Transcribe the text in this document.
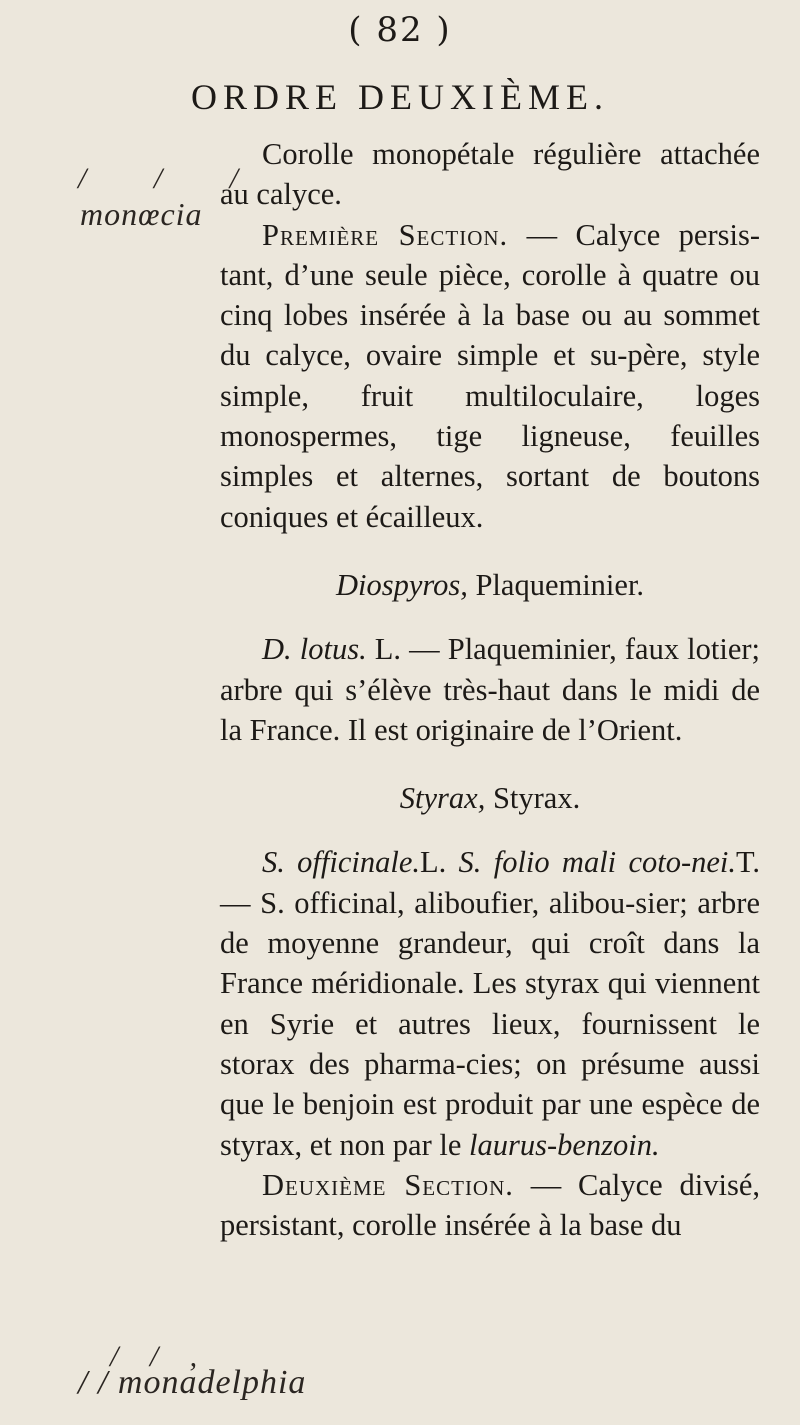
( 82 )
ORDRE DEUXIÈME.
/ / /
monœcia

Corolle monopétale régulière attachée au calyce.

Première Section. — Calyce persis-tant, d’une seule pièce, corolle à quatre ou cinq lobes insérée à la base ou au sommet du calyce, ovaire simple et su-père, style simple, fruit multiloculaire, loges monospermes, tige ligneuse, feuilles simples et alternes, sortant de boutons coniques et écailleux.

Diospyros, Plaqueminier.

D. lotus. L. — Plaqueminier, faux lotier; arbre qui s’élève très-haut dans le midi de la France. Il est originaire de l’Orient.

Styrax, Styrax.

S. officinale.L. S. folio mali coto-nei.T. — S. officinal, aliboufier, alibou-sier; arbre de moyenne grandeur, qui croît dans la France méridionale. Les styrax qui viennent en Syrie et autres lieux, fournissent le storax des pharma-cies; on présume aussi que le benjoin est produit par une espèce de styrax, et non par le laurus-benzoin.

Deuxième Section. — Calyce divisé, persistant, corolle insérée à la base du

/ / ,
/ / monadelphia
